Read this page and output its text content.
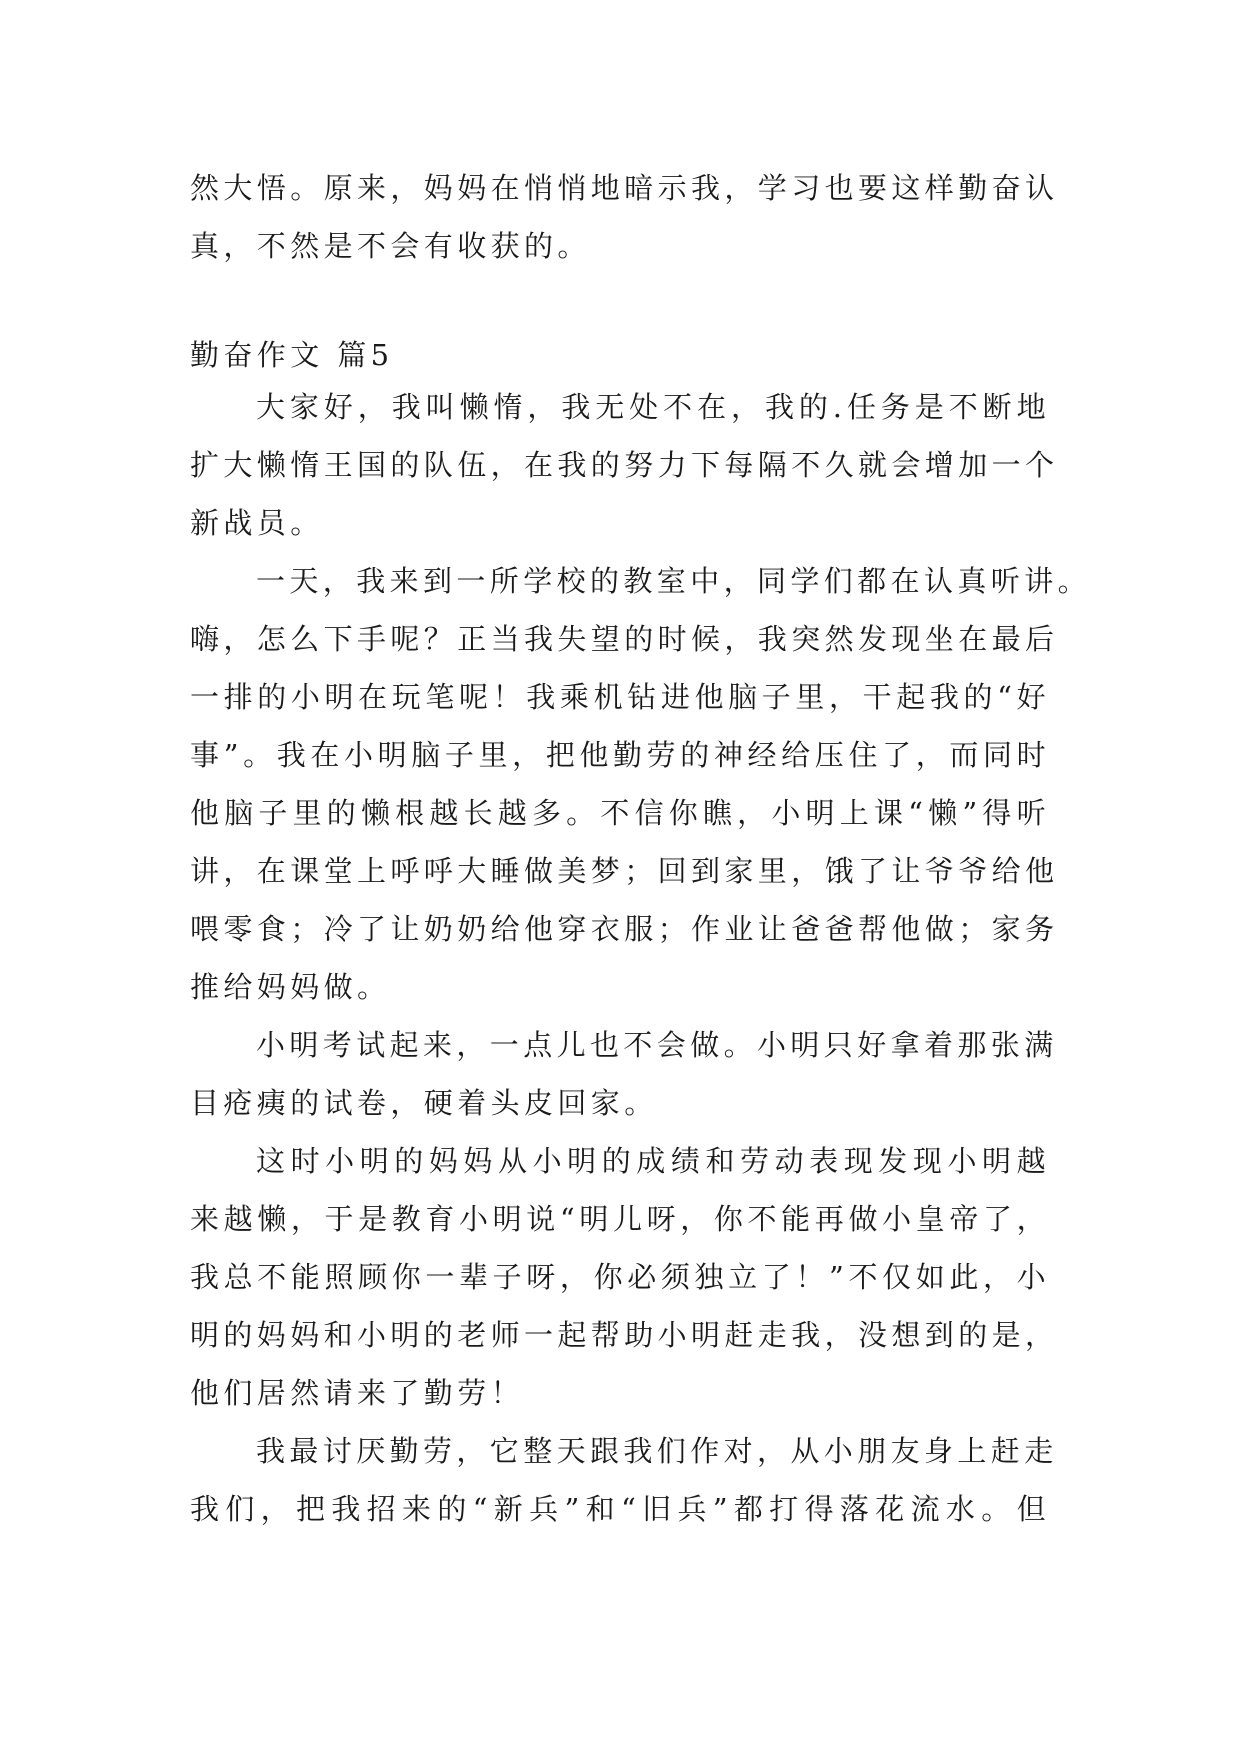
然大悟。原来，妈妈在悄悄地暗示我，学习也要这样勤奋认

真，不然是不会有收获的。

勤奋作文 篇5

大家好，我叫懒惰，我无处不在，我的.任务是不断地

扩大懒惰王国的队伍，在我的努力下每隔不久就会增加一个

新战员。

一天，我来到一所学校的教室中，同学们都在认真听讲。

嗨，怎么下手呢？正当我失望的时候，我突然发现坐在最后

一排的小明在玩笔呢！我乘机钻进他脑子里，干起我的“好

事”。我在小明脑子里，把他勤劳的神经给压住了，而同时

他脑子里的懒根越长越多。不信你瞧，小明上课“懒”得听

讲，在课堂上呼呼大睡做美梦；回到家里，饿了让爷爷给他

喂零食；冷了让奶奶给他穿衣服；作业让爸爸帮他做；家务

推给妈妈做。

小明考试起来，一点儿也不会做。小明只好拿着那张满

目疮痍的试卷，硬着头皮回家。

这时小明的妈妈从小明的成绩和劳动表现发现小明越

来越懒，于是教育小明说“明儿呀，你不能再做小皇帝了，

我总不能照顾你一辈子呀，你必须独立了！”不仅如此，小

明的妈妈和小明的老师一起帮助小明赶走我，没想到的是，

他们居然请来了勤劳！

我最讨厌勤劳，它整天跟我们作对，从小朋友身上赶走

我们，把我招来的“新兵”和“旧兵”都打得落花流水。但
